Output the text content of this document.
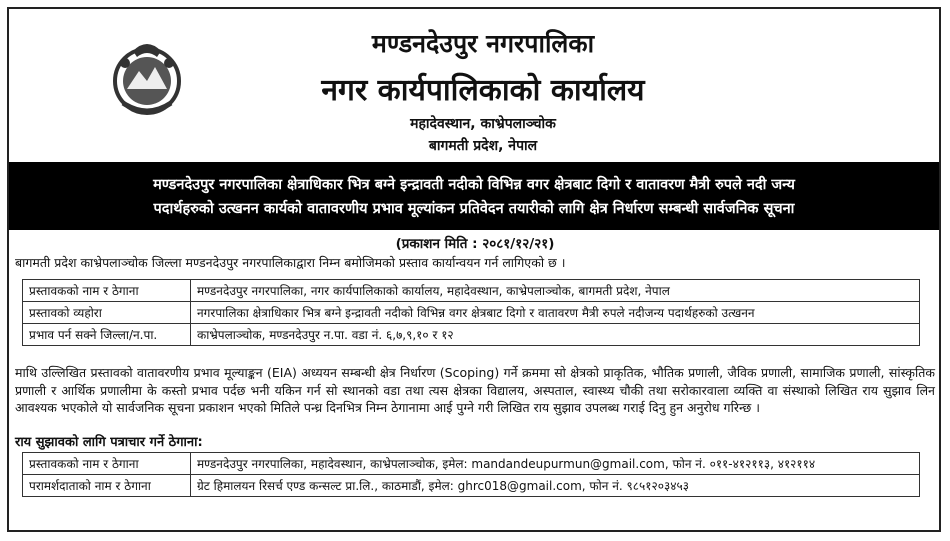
मण्डनदेउपुर नगरपालिका
नगर कार्यपालिकाको कार्यालय
महादेवस्थान, काभ्रेपलाञ्चोक
बागमती प्रदेश, नेपाल
मण्डनदेउपुर नगरपालिका क्षेत्राधिकार भित्र बग्ने इन्द्रावती नदीको विभिन्न वगर क्षेत्रबाट दिगो र वातावरण मैत्री रुपले नदी जन्य
पदार्थहरुको उत्खनन कार्यको वातावरणीय प्रभाव मूल्यांकन प्रतिवेदन तयारीको लागि क्षेत्र निर्धारण सम्बन्धी सार्वजनिक सूचना
(प्रकाशन मिति : २०८१/१२/२१)
बागमती प्रदेश काभ्रेपलाञ्चोक जिल्ला मण्डनदेउपुर नगरपालिकाद्वारा निम्न बमोजिमको प्रस्ताव कार्यान्वयन गर्न लागिएको छ ।
प्रस्तावकको नाम र ठेगाना	मण्डनदेउपुर नगरपालिका, नगर कार्यपालिकाको कार्यालय, महादेवस्थान, काभ्रेपलाञ्चोक, बागमती प्रदेश, नेपाल
प्रस्तावको व्यहोरा	नगरपालिका क्षेत्राधिकार भित्र बग्ने इन्द्रावती नदीको विभिन्न वगर क्षेत्रबाट दिगो र वातावरण मैत्री रुपले नदीजन्य पदार्थहरुको उत्खनन
प्रभाव पर्न सक्ने जिल्ला/न.पा.	काभ्रेपलाञ्चोक, मण्डनदेउपुर न.पा. वडा नं. ६,७,९,१० र १२
माथि उल्लिखित प्रस्तावको वातावरणीय प्रभाव मूल्याङ्कन (EIA) अध्ययन सम्बन्धी क्षेत्र निर्धारण (Scoping) गर्ने क्रममा सो क्षेत्रको प्राकृतिक, भौतिक प्रणाली, जैविक प्रणाली, सामाजिक प्रणाली, सांस्कृतिक प्रणाली र आर्थिक प्रणालीमा के कस्तो प्रभाव पर्दछ भनी यकिन गर्न सो स्थानको वडा तथा त्यस क्षेत्रका विद्यालय, अस्पताल, स्वास्थ्य चौकी तथा सरोकारवाला व्यक्ति वा संस्थाको लिखित राय सुझाव लिन आवश्यक भएकोले यो सार्वजनिक सूचना प्रकाशन भएको मितिले पन्ध्र दिनभित्र निम्न ठेगानामा आई पुग्ने गरी लिखित राय सुझाव उपलब्ध गराई दिनु हुन अनुरोध गरिन्छ ।
राय सुझावको लागि पत्राचार गर्ने ठेगाना:
प्रस्तावकको नाम र ठेगाना	मण्डनदेउपुर नगरपालिका, महादेवस्थान, काभ्रेपलाञ्चोक, इमेल: mandandeupurmun@gmail.com, फोन नं. ०११-४१२११३, ४१२११४
परामर्शदाताको नाम र ठेगाना	ग्रेट हिमालयन रिसर्च एण्ड कन्सल्ट प्रा.लि., काठमाडौं, इमेल: ghrc018@gmail.com, फोन नं. ९८५१२०३४५३
